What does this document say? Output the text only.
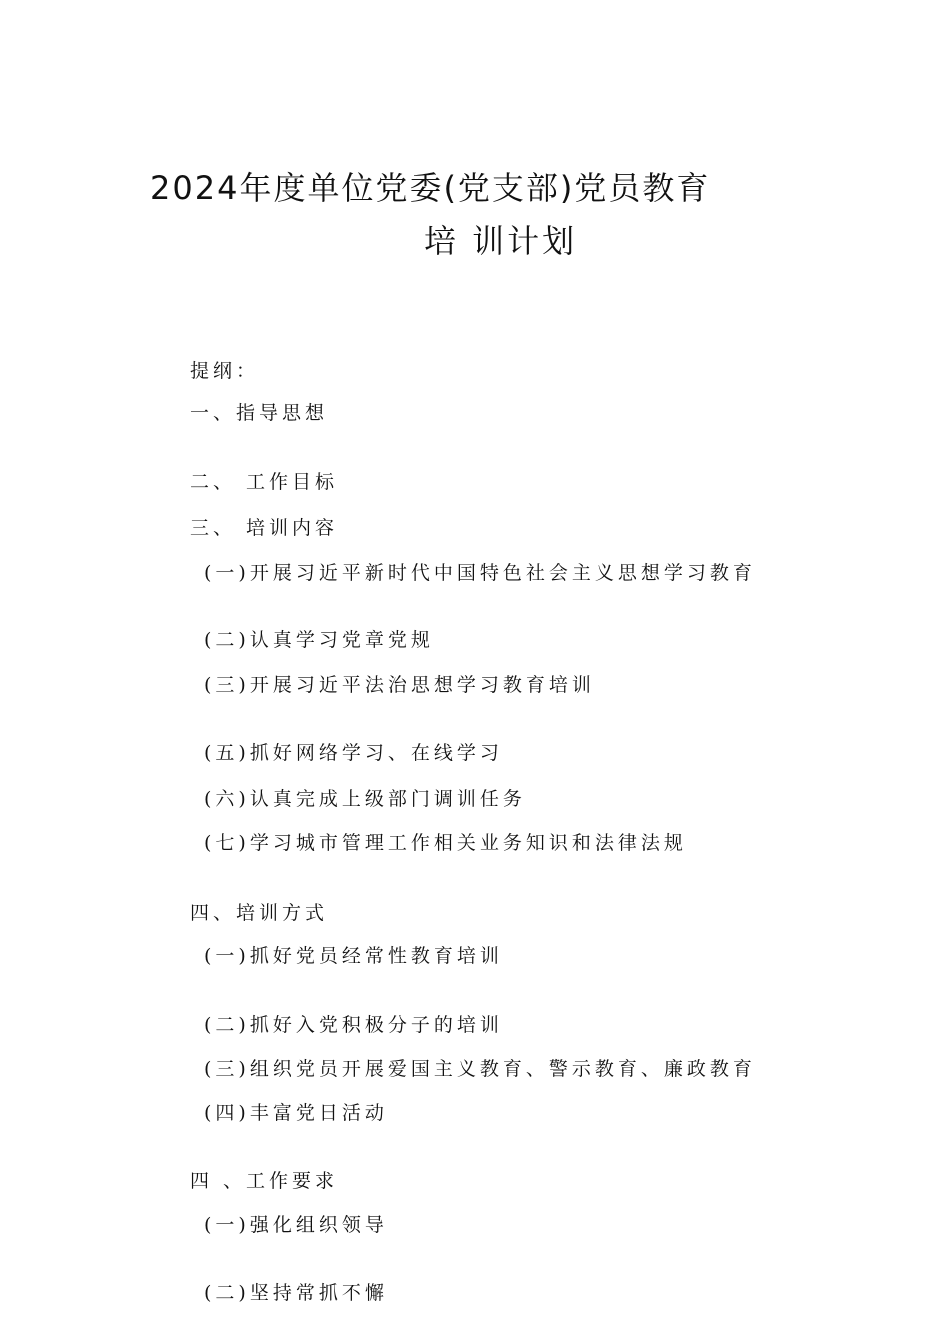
2024年度单位党委(党支部)党员教育
培 训计划
提纲：
一、指导思想
二、 工作目标
三、 培训内容
(一)开展习近平新时代中国特色社会主义思想学习教育
(二)认真学习党章党规
(三)开展习近平法治思想学习教育培训
(五)抓好网络学习、在线学习
(六)认真完成上级部门调训任务
(七)学习城市管理工作相关业务知识和法律法规
四、培训方式
(一)抓好党员经常性教育培训
(二)抓好入党积极分子的培训
(三)组织党员开展爱国主义教育、警示教育、廉政教育
(四)丰富党日活动
四 、工作要求
(一)强化组织领导
(二)坚持常抓不懈
